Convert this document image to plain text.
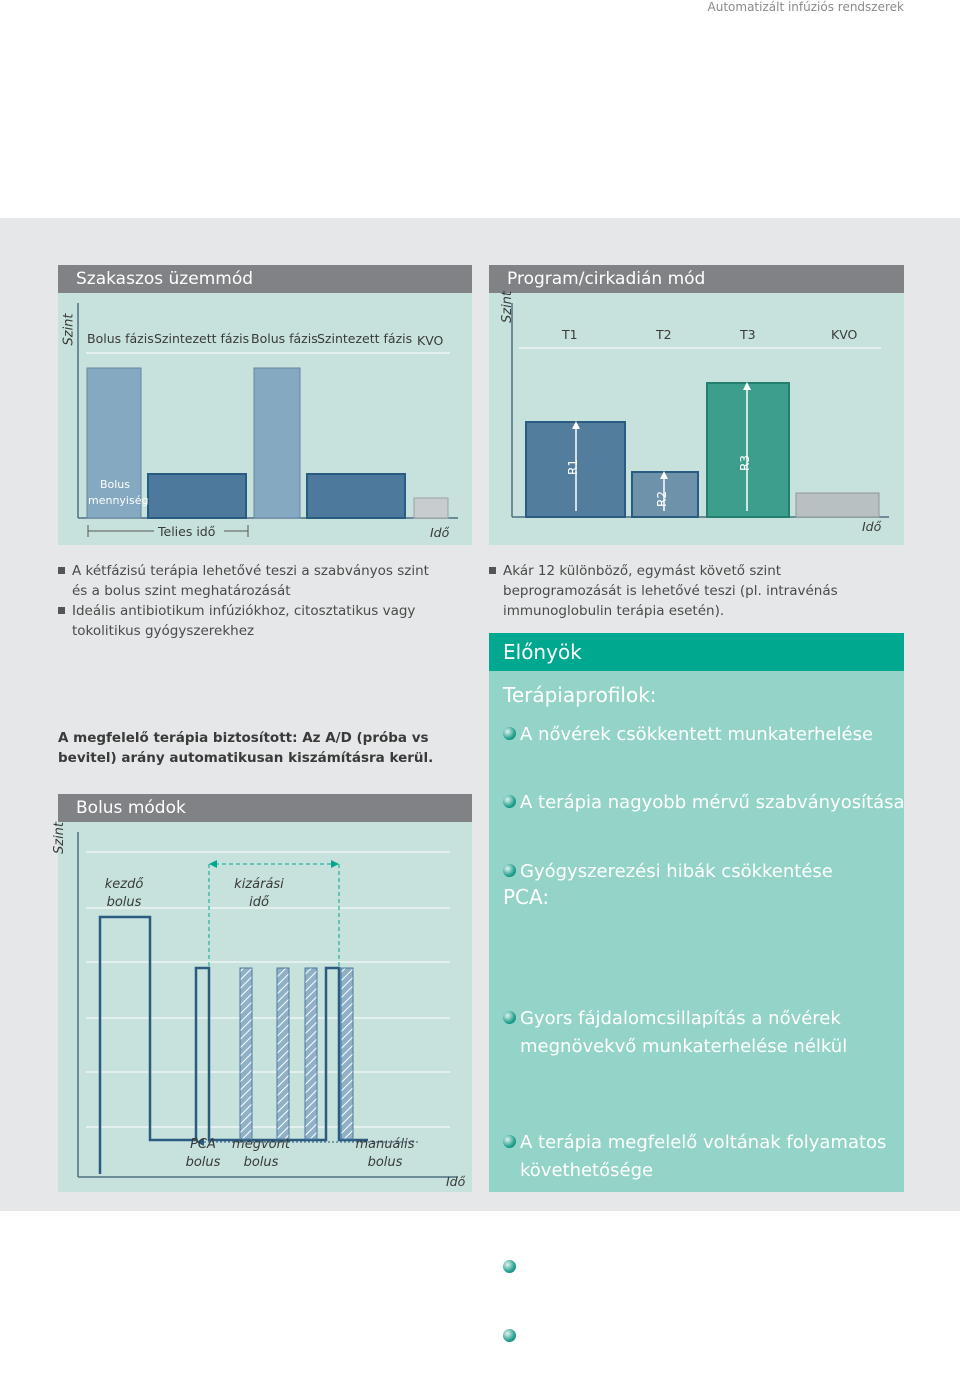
Automatizált infúziós rendszerek
Szakaszos üzemmód
Szint Bolus fázis Szintezett fázis Bolus fázis Szintezett fázis KVO
Bolus
mennyiség
Telies idő	Idő
Program/cirkadián mód
Szint
T1	T2	T3	KVO
R1
R2
R3
Idő
A kétfázisú terápia lehetővé teszi a szabványos szint és a bolus szint meghatározását
Ideális antibiotikum infúziókhoz, citosztatikus vagy tokolitikus gyógyszerekhez
Akár 12 különböző, egymást követő szint beprogramozását is lehetővé teszi (pl. intravénás immunoglobulin terápia esetén).
A megfelelő terápia biztosított: Az A/D (próba vs bevitel) arány automatikusan kiszámításra kerül.
Bolus módok
Szint
kezdő
bolus
kizárási
idő
PCA
bolus
megvont
bolus
manuális
bolus
Idő
Előnyök
Terápiaprofilok:
A nővérek csökkentett munkaterhelése
A terápia nagyobb mérvű szabványosítása
Gyógyszerezési hibák csökkentése
PCA:
Gyors fájdalomcsillapítás a nővérek
megnövekvő munkaterhelése nélkül
A terápia megfelelő voltának folyamatos
követhetősége
Hatásos védelem a túladagolás ellen
Bármely Infusomat® Space vagy Perfusor®
Space eszközzel kompatibilis
